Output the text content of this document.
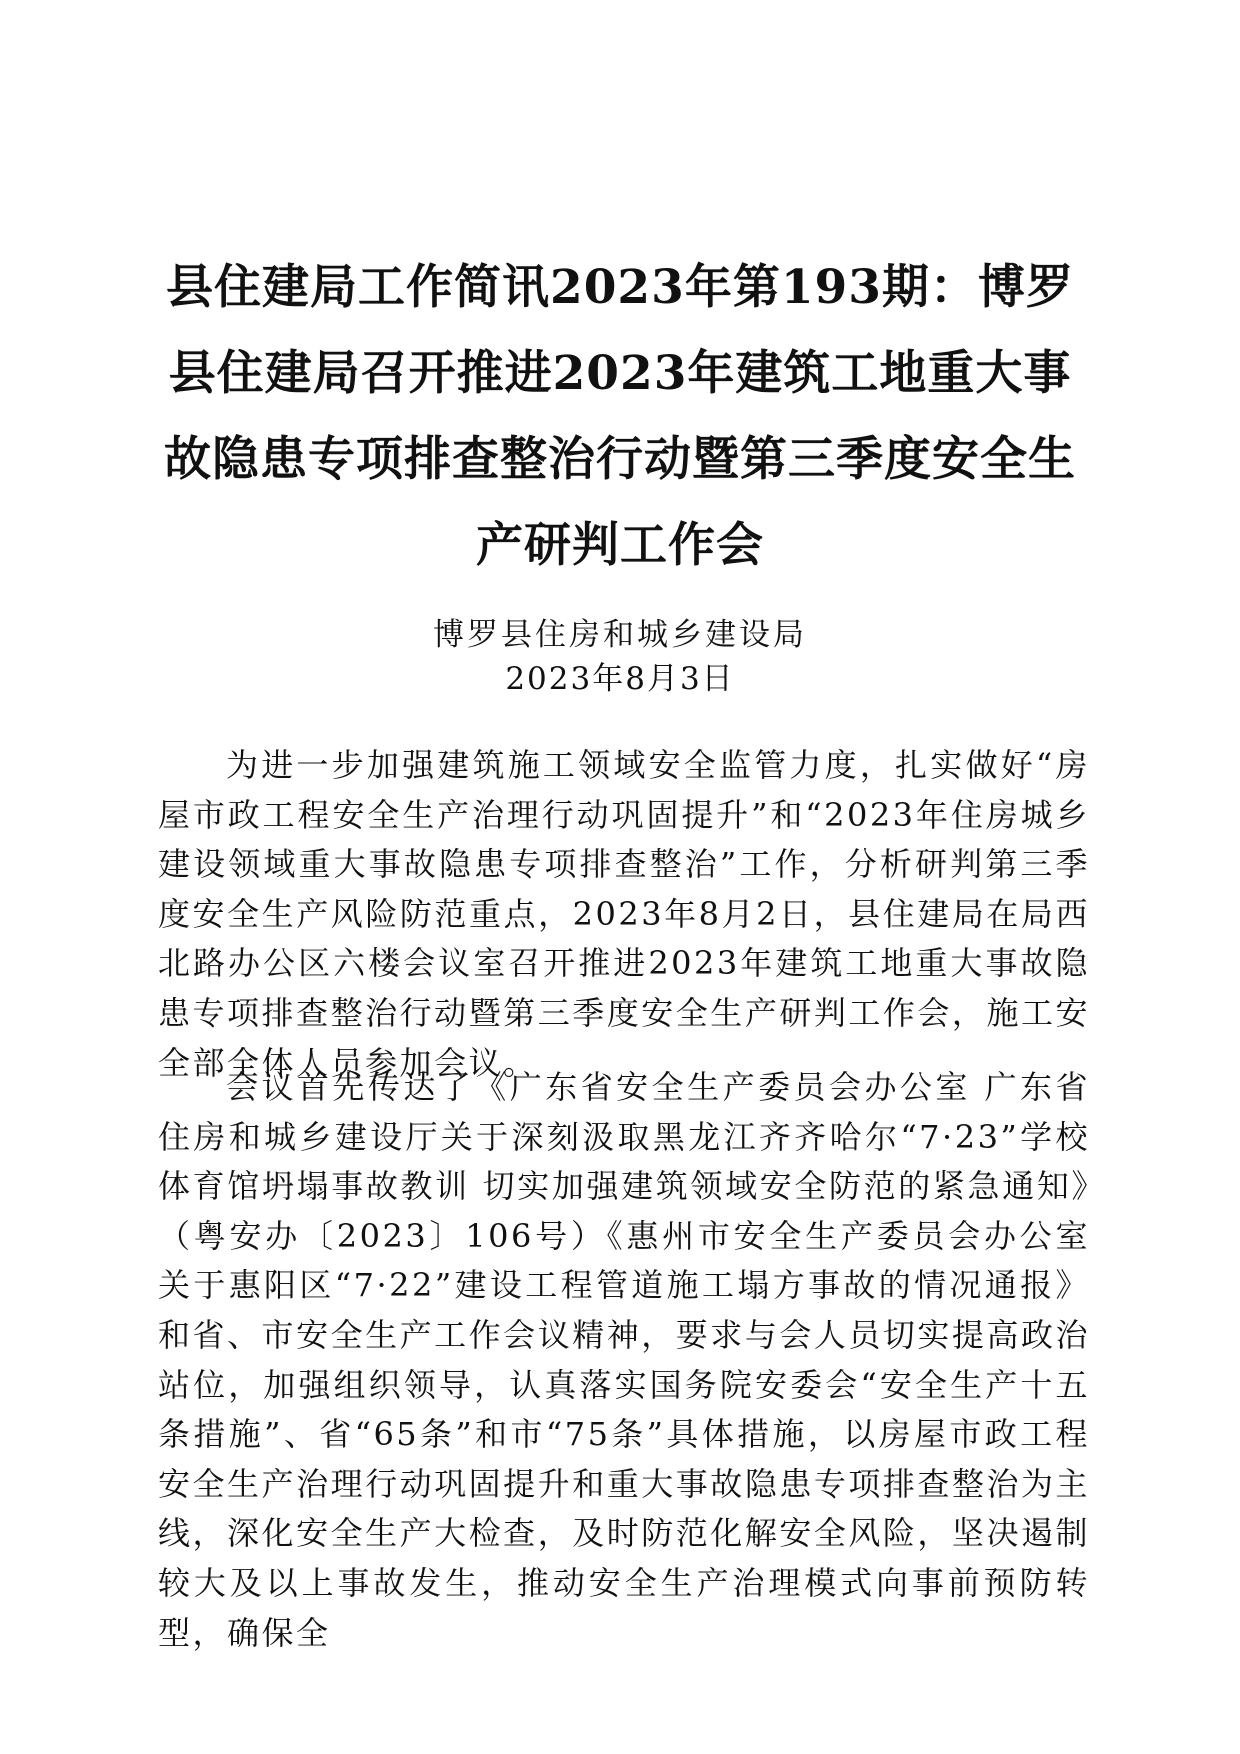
县住建局工作简讯2023年第193期：博罗县住建局召开推进2023年建筑工地重大事故隐患专项排查整治行动暨第三季度安全生产研判工作会
博罗县住房和城乡建设局
2023年8月3日

为进一步加强建筑施工领域安全监管力度，扎实做好“房屋市政工程安全生产治理行动巩固提升”和“2023年住房城乡建设领域重大事故隐患专项排查整治”工作，分析研判第三季度安全生产风险防范重点，2023年8月2日，县住建局在局西北路办公区六楼会议室召开推进2023年建筑工地重大事故隐患专项排查整治行动暨第三季度安全生产研判工作会，施工安全部全体人员参加会议。

会议首先传达了《广东省安全生产委员会办公室 广东省住房和城乡建设厅关于深刻汲取黑龙江齐齐哈尔“7·23”学校体育馆坍塌事故教训 切实加强建筑领域安全防范的紧急通知》（粤安办〔2023〕106号）《惠州市安全生产委员会办公室关于惠阳区“7·22”建设工程管道施工塌方事故的情况通报》和省、市安全生产工作会议精神，要求与会人员切实提高政治站位，加强组织领导，认真落实国务院安委会“安全生产十五条措施”、省“65条”和市“75条”具体措施，以房屋市政工程安全生产治理行动巩固提升和重大事故隐患专项排查整治为主线，深化安全生产大检查，及时防范化解安全风险，坚决遏制较大及以上事故发生，推动安全生产治理模式向事前预防转型，确保全
